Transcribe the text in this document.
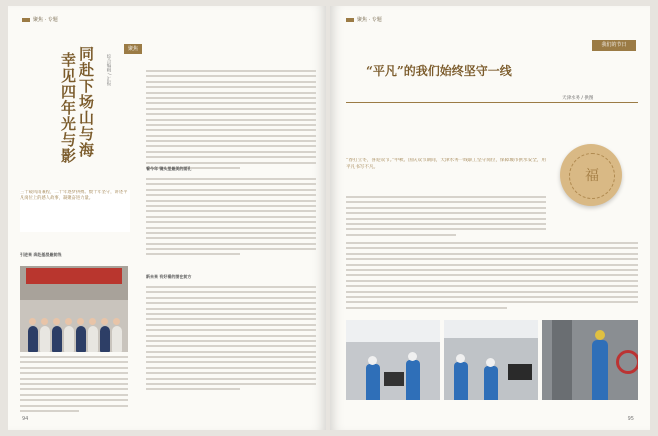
聚焦 · 专题
聚焦
幸见四年光与影 同赴下场山与海 综合编辑 / 汇报
三十载风雨兼程，二十年逐梦拼搏。数十年坚守，讲述平凡岗位上的感人故事，凝聚奋进力量。
引进来 奔赴基层最前线
看今年 镜头里最美的面孔
新未来 有好看的图在前方
94
聚焦 · 专题
我们的节日
“平凡”的我们始终坚守一线
天津水务 / 供图
“春打立冬，喜迎双节。”中秋、国庆双节期间，天津水务一线职工坚守岗位，保障城市供水安全，用平凡书写不凡。
福
95
